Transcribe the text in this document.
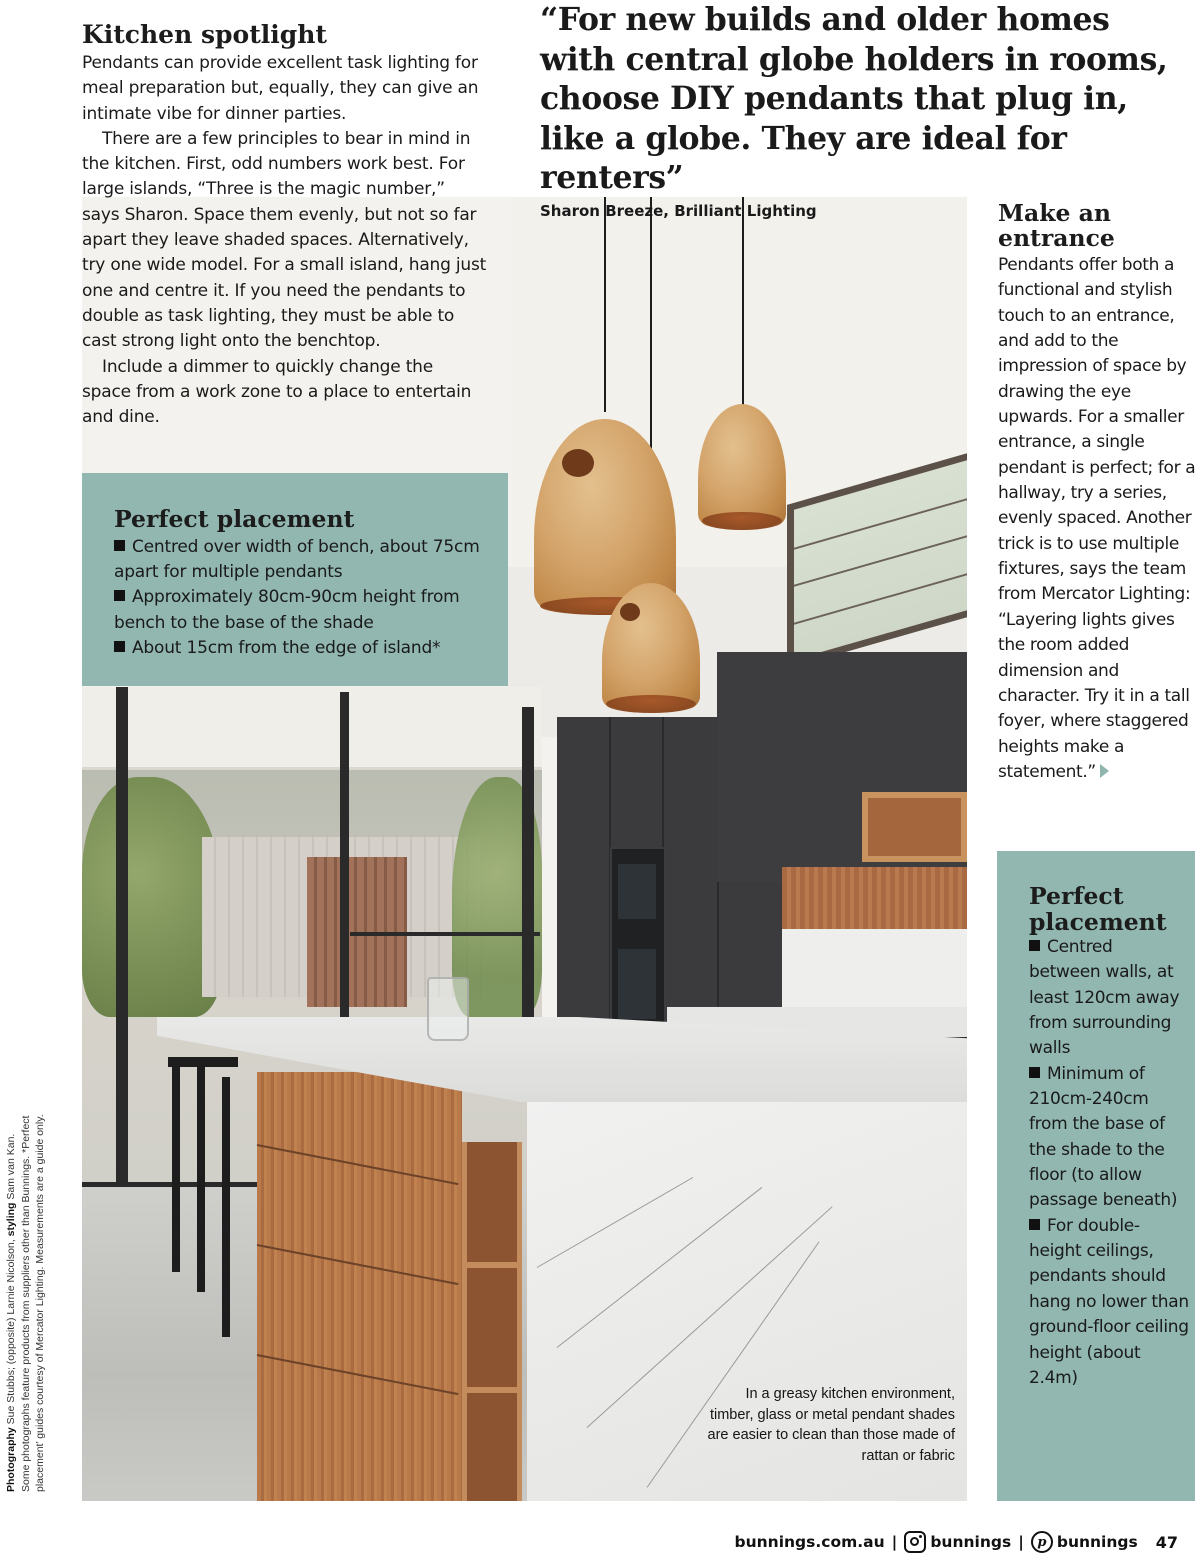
In a greasy kitchen environment, timber, glass or metal pendant shades are easier to clean than those made of rattan or fabric
Kitchen spotlight

Pendants can provide excellent task lighting for meal preparation but, equally, they can give an intimate vibe for dinner parties.

There are a few principles to bear in mind in the kitchen. First, odd numbers work best. For large islands, “Three is the magic number,” says Sharon. Space them evenly, but not so far apart they leave shaded spaces. Alternatively, try one wide model. For a small island, hang just one and centre it. If you need the pendants to double as task lighting, they must be able to cast strong light onto the benchtop.

Include a dimmer to quickly change the space from a work zone to a place to entertain and dine.

“For new builds and older homes with central globe holders in rooms, choose DIY pendants that plug in, like a globe. They are ideal for renters”

Sharon Breeze, Brilliant Lighting
Perfect placement
Centred over width of bench, about 75cm apart for multiple pendants
Approximately 80cm-90cm height from bench to the base of the shade
About 15cm from the edge of island*
Make an entrance
Pendants offer both a functional and stylish touch to an entrance, and add to the impression of space by drawing the eye upwards. For a smaller entrance, a single pendant is perfect; for a hallway, try a series, evenly spaced. Another trick is to use multiple fixtures, says the team from Mercator Lighting: “Layering lights gives the room added dimension and character. Try it in a tall foyer, where staggered heights make a statement.”
Perfect placement
Centred between walls, at least 120cm away from surrounding walls
Minimum of 210cm-240cm from the base of the shade to the floor (to allow passage beneath)
For double-height ceilings, pendants should hang no lower than ground-floor ceiling height (about 2.4m)
Photography Sue Stubbs; (opposite) Larnie Nicolson, styling Sam van Kan. Some photographs feature products from suppliers other than Bunnings. *Perfect placement’ guides courtesy of Mercator Lighting. Measurements are a guide only.
bunnings.com.au | bunnings |	p bunnings 47
